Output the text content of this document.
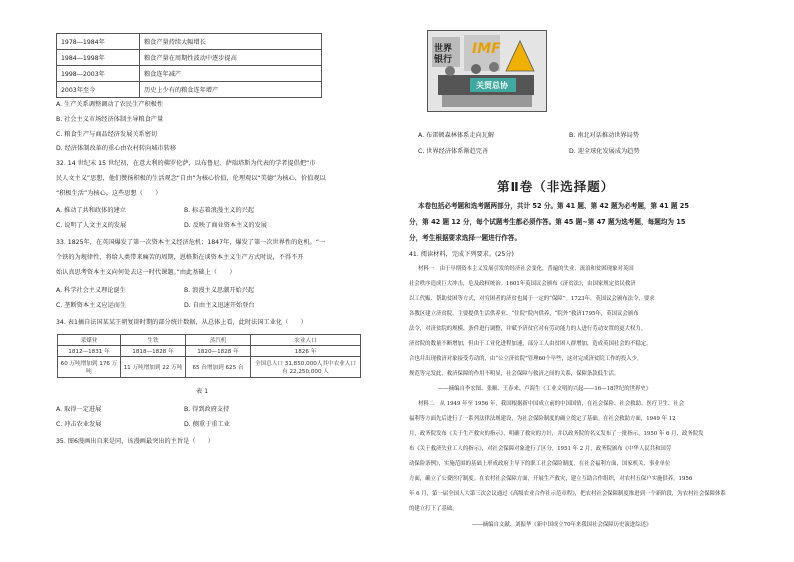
1978—1984年	粮食产量持续大幅增长
1984—1998年	粮食产量在周期性波动中逐步提高
1998—2003年	粮食连年减产
2003年至今	历史上少有的粮食连年增产
A. 生产关系调整调动了农民生产积极性
B. 社会主义市场经济体制主导粮食产量
C. 粮食生产与商品经济发展关系密切
D. 经济体制改革的重心由农村转向城市转移
32. 14 世纪末 15 世纪初，在意大利的佛罗伦萨，以布鲁尼、萨瑞塔斯为代表的学者提倡把“市
民人文主义”思想，他们赞扬积极的生活观念“自由”为核心价值，伦理观以“美德”为核心，价值观以
“积极生活”为核心。这些思想（　　）
A. 推动了共和政体的建立	B. 标志着浪漫主义的兴起
C. 说明了人文主义的发展	D. 反映了商业资本主义的发展
33. 1825年，在英国爆发了第一次资本主义经济危机；1847年，爆发了第一次世界性的危机。“一
个铁的为规律性，将给人类带来痛苦的周期，恩格斯在谈资本主义生产方式时说，不得不开
始认真思考资本主义向何处去这一时代课题。”由此基础上（　　）
A. 科学社会主义理论诞生	B. 浪漫主义思潮开始兴起
C. 垄断资本主义应运而生	D. 自由主义迅速开始登台
34. 表1摘自法国某某王朝复辟时期的部分统计数据，从总体上看，此时法国工业化（　　）
采煤业	生铁	蒸汽机	农业人口
1812—1831 年	1818—1828 年	1820—1828 年	1826 年
60 万吨增加到 176 万吨	11 万吨增加到 22 万吨	65 台增加到 625 台	全国总人口 31,850,000人其中农业人口有 22,250,000 人
表 1
A. 取得一定进展	B. 得到政府支持
C. 冲击农业发展	D. 侧重于重工业
35. 图6漫画出自来是同，该漫画最突出的主旨是（　　）
世界
银行
IMF
关贸总协
A. 布雷顿森林体系走向瓦解	B. 南北对话推动世界局势
C. 世界经济体系渐趋完善	D. 迎全球化发展成为趋势
第Ⅱ卷（非选择题）
本卷包括必考题和选考题两部分，共计 52 分。第 41 题、第 42 题为必考题，第 41 题 25
分，第 42 题 12 分，每个试题考生都必须作答。第 45 题~第 47 题为选考题，每题均为 15
分，考生根据要求选择一题进行作答。
41. 阅读材料，完成下列要求。(25分)
材料一　由于早期资本主义发展引发的经济社会变化，普遍的失业、流浪和贫困现象对英国
社会秩序造成巨大冲击，危及政权统治。1601年英国议会颁布《济贫法》，由国家规定贫民救济
以工代赈、帮助贫困等方式，对穷困者的济贫也属于一定的“保障”。1723年，英国议会颁布法令，要求
各教区建立济贫院，主要提供生活供养业、“住院”院内供养，“院外”救济1795年，英国议会颁布
法令，对济贫院的规模、条件进行调整，并赋予济贫官对有劳动能力的人进行劳动安置的更大权力。
济贫院的数量不断增加，但由于工业化进程加速，部分工人由贫困人群增加，造成英国社会的不稳定。
合也并出现救济对象接受劳动的，由“公立济贫院”管理60个早些，这对完成济贫院工作的投入少，
规范等完发此，救济保障的作用不明显，社会保障与救济之间的关系，保障条款低生活。
——摘编自李宏图、张顺、王春来、卢海生《工业文明的兴起——16—18世纪的世界史》
材料二　从 1949 年至 1956 年，我国根据新中国成立前的中国国情，在社会保险、社会救助、医疗卫生、社会
福利等方面先后进行了一系列法律法规建设，为社会保险制度的确立奠定了基础。在社会救助方面，1949 年 12
月，政务院发布《关于生产救灾的指示》，明确了救灾的方针，并以政务院的名义发布了一批指示，1950 年 6 月，政务院发
布《关于救济失业工人的指示》，对社会保障对象进行了区分，1951 年 2 月，政务院颁布《中华人民共和国劳
动保险条例》，实施范围的基础上形成政府主导下的职工社会保险制度，在社会福利方面，国家机关、事业单位
方面，确立了公费医疗制度。在农村社会保障方面，开展生产救灾，建立互助合作组织，对农村五保户实施供养。1956
年 6 月，第一届全国人大第三次会议通过《高级农业合作社示范章程》，把农村社会保障制度推进到一个新阶段，为农村社会保障体系
的建立打下了基础。
——摘编自文献、刘振华《新中国成立70年来我国社会保障历史演进综述》
